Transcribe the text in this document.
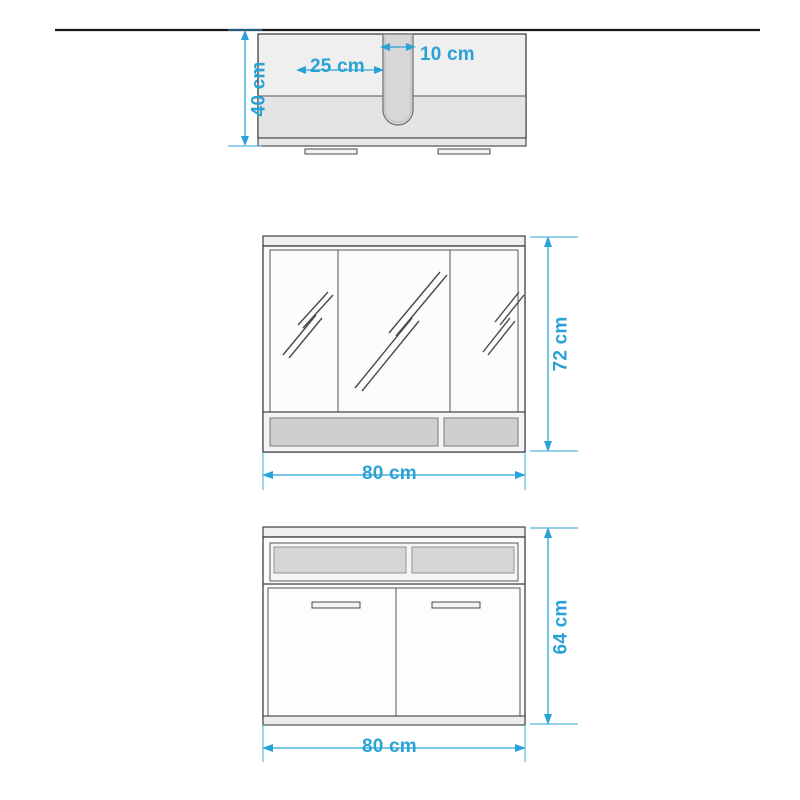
40 cm 25 cm
10 cm
72 cm
80 cm
64 cm
80 cm
